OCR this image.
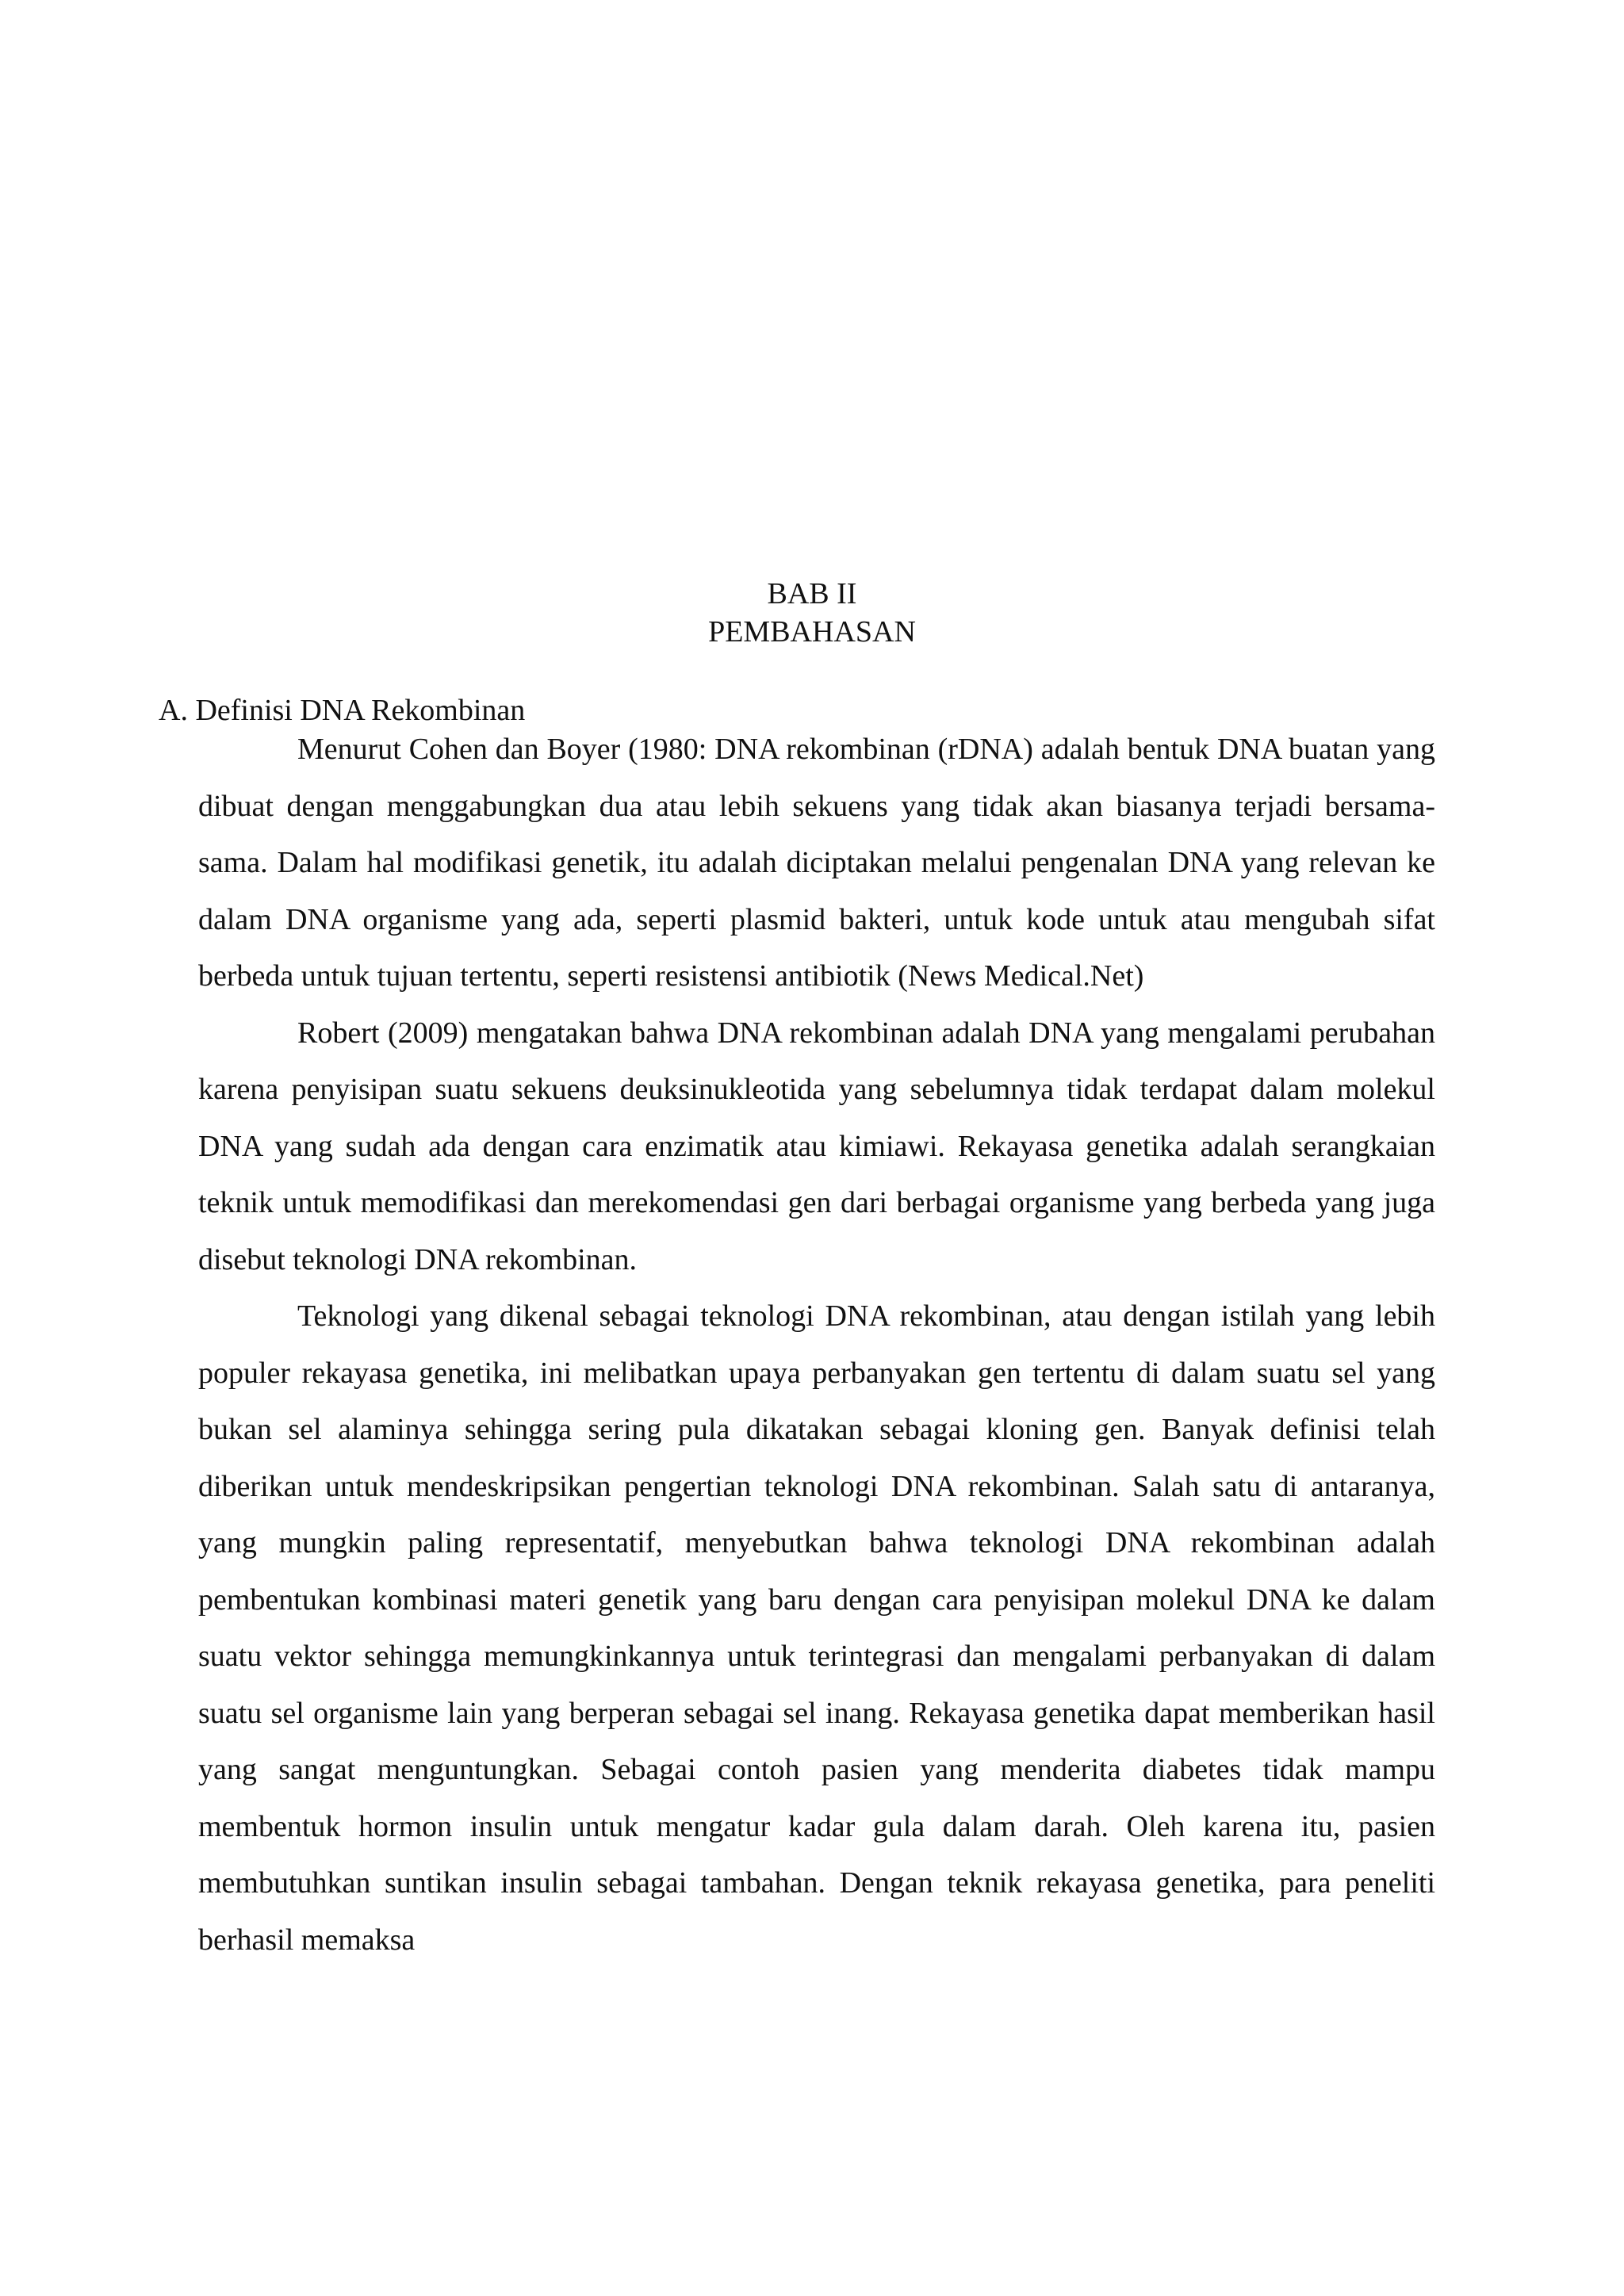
BAB II
PEMBAHASAN
A. Definisi DNA Rekombinan

Menurut Cohen dan Boyer (1980: DNA rekombinan (rDNA) adalah bentuk DNA buatan yang dibuat dengan menggabungkan dua atau lebih sekuens yang tidak akan biasanya terjadi bersama-sama. Dalam hal modifikasi genetik, itu adalah diciptakan melalui pengenalan DNA yang relevan ke dalam DNA organisme yang ada, seperti plasmid bakteri, untuk kode untuk atau mengubah sifat berbeda untuk tujuan tertentu, seperti resistensi antibiotik (News Medical.Net)

Robert (2009) mengatakan bahwa DNA rekombinan adalah DNA yang mengalami perubahan karena penyisipan suatu sekuens deuksinukleotida yang sebelumnya tidak terdapat dalam molekul DNA yang sudah ada dengan cara enzimatik atau kimiawi. Rekayasa genetika adalah serangkaian teknik untuk memodifikasi dan merekomendasi gen dari berbagai organisme yang berbeda yang juga disebut teknologi DNA rekombinan.

Teknologi yang dikenal sebagai teknologi DNA rekombinan, atau dengan istilah yang lebih populer rekayasa genetika, ini melibatkan upaya perbanyakan gen tertentu di dalam suatu sel yang bukan sel alaminya sehingga sering pula dikatakan sebagai kloning gen. Banyak definisi telah diberikan untuk mendeskripsikan pengertian teknologi DNA rekombinan. Salah satu di antaranya, yang mungkin paling representatif, menyebutkan bahwa teknologi DNA rekombinan adalah pembentukan kombinasi materi genetik yang baru dengan cara penyisipan molekul DNA ke dalam suatu vektor sehingga memungkinkannya untuk terintegrasi dan mengalami perbanyakan di dalam suatu sel organisme lain yang berperan sebagai sel inang. Rekayasa genetika dapat memberikan hasil yang sangat menguntungkan. Sebagai contoh pasien yang menderita diabetes tidak mampu membentuk hormon insulin untuk mengatur kadar gula dalam darah. Oleh karena itu, pasien membutuhkan suntikan insulin sebagai tambahan. Dengan teknik rekayasa genetika, para peneliti berhasil memaksa
